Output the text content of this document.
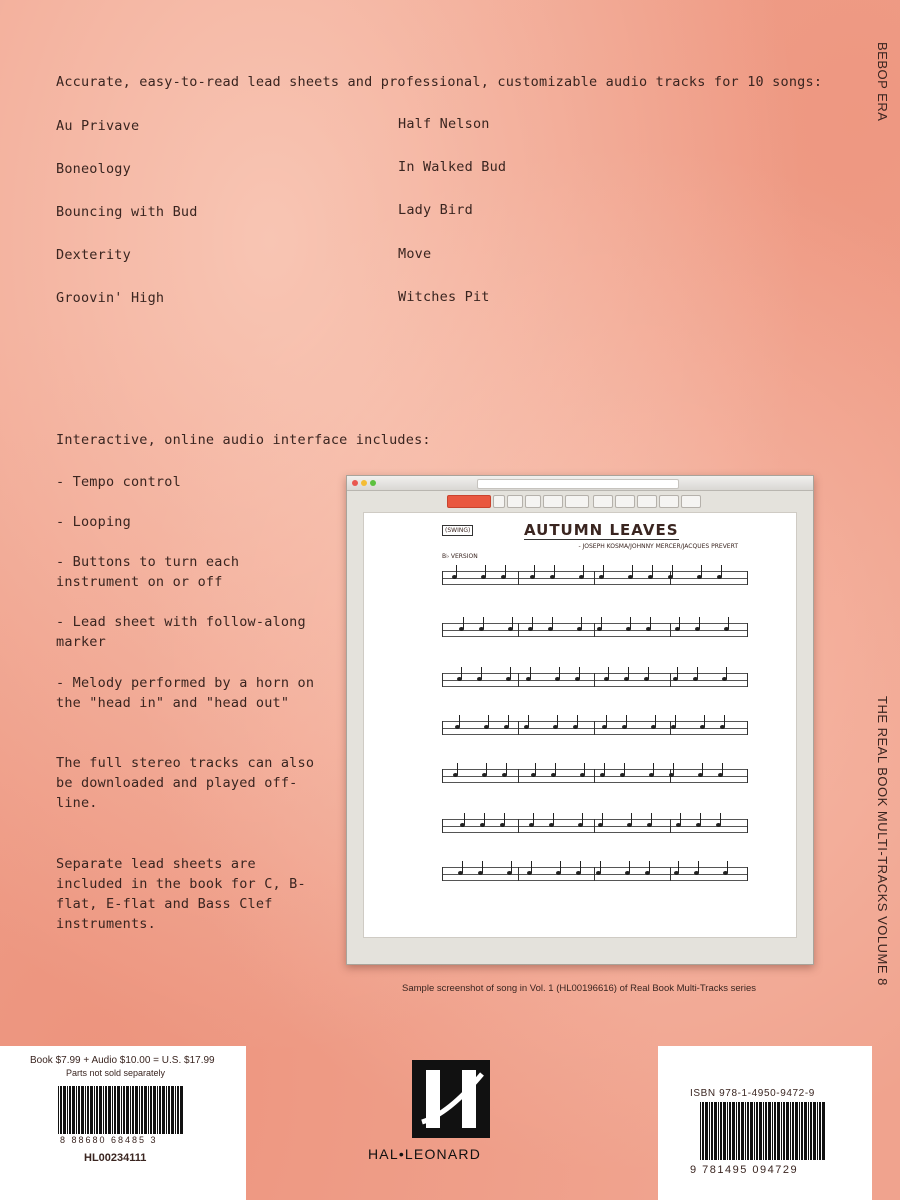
BEBOP ERA
THE REAL BOOK MULTI-TRACKS VOLUME 8
Accurate, easy-to-read lead sheets and professional, customizable audio tracks for 10 songs:
Au Privave
Boneology
Bouncing with Bud
Dexterity
Groovin' High
Half Nelson
In Walked Bud
Lady Bird
Move
Witches Pit
Interactive, online audio interface includes:
- Tempo control
- Looping
- Buttons to turn each instrument on or off
- Lead sheet with follow-along marker
- Melody performed by a horn on the "head in" and "head out"
The full stereo tracks can also be downloaded and played off-line.
Separate lead sheets are included in the book for C, B-flat, E-flat and Bass Clef instruments.
(SWING)	AUTUMN LEAVES
- JOSEPH KOSMA/JOHNNY MERCER/JACQUES PREVERT
B♭ VERSION
Sample screenshot of song in Vol. 1 (HL00196616) of Real Book Multi-Tracks series
Book $7.99 + Audio $10.00 = U.S. $17.99
Parts not sold separately
8 88680 68485 3
HL00234111	HAL•LEONARD
ISBN 978-1-4950-9472-9
9 781495 094729
